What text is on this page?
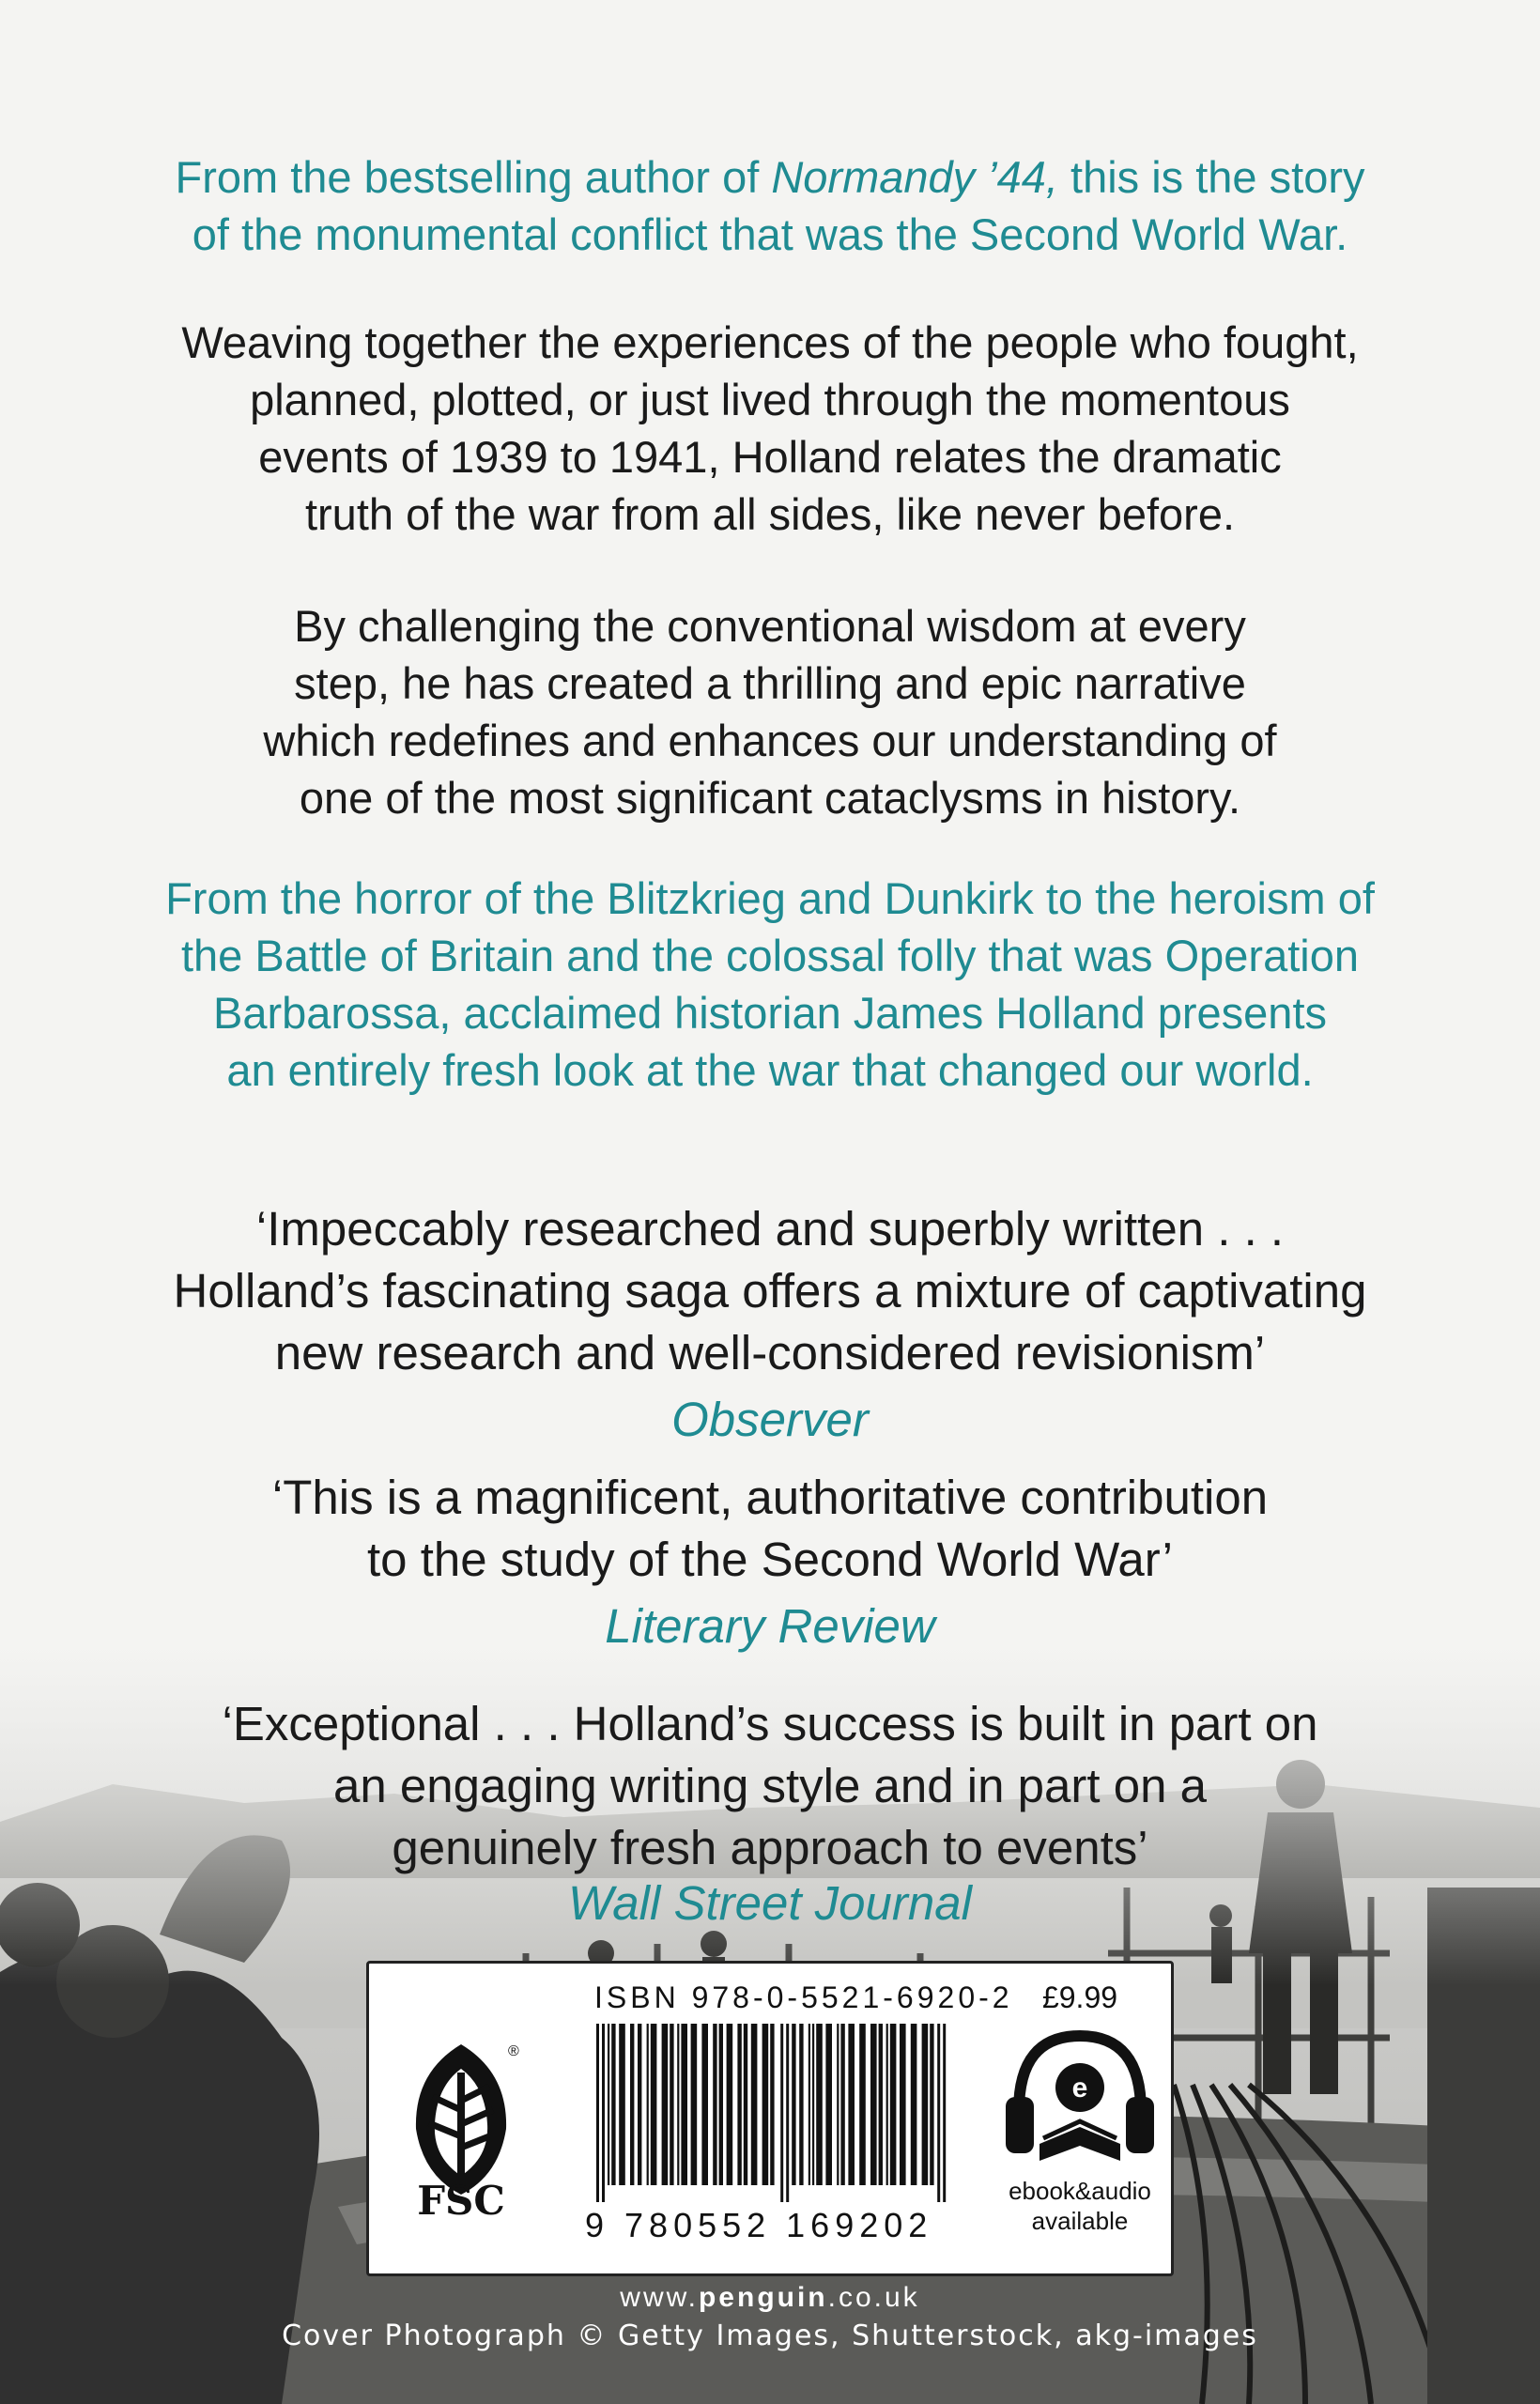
From the bestselling author of Normandy ’44, this is the story
of the monumental conflict that was the Second World War.

Weaving together the experiences of the people who fought,
planned, plotted, or just lived through the momentous
events of 1939 to 1941, Holland relates the dramatic
truth of the war from all sides, like never before.

By challenging the conventional wisdom at every
step, he has created a thrilling and epic narrative
which redefines and enhances our understanding of
one of the most significant cataclysms in history.

From the horror of the Blitzkrieg and Dunkirk to the heroism of
the Battle of Britain and the colossal folly that was Operation
Barbarossa, acclaimed historian James Holland presents
an entirely fresh look at the war that changed our world.

‘Impeccably researched and superbly written . . .
Holland’s fascinating saga offers a mixture of captivating
new research and well-considered revisionism’

Observer

‘This is a magnificent, authoritative contribution
to the study of the Second World War’

Literary Review

‘Exceptional . . . Holland’s success is built in part on
an engaging writing style and in part on a
genuinely fresh approach to events’

Wall Street Journal

®

FSC

ISBN 978-0-5521-6920-2

9 780552 169202

£9.99

e

ebook&audio
available

www.penguin.co.uk

Cover Photograph © Getty Images, Shutterstock, akg-images
